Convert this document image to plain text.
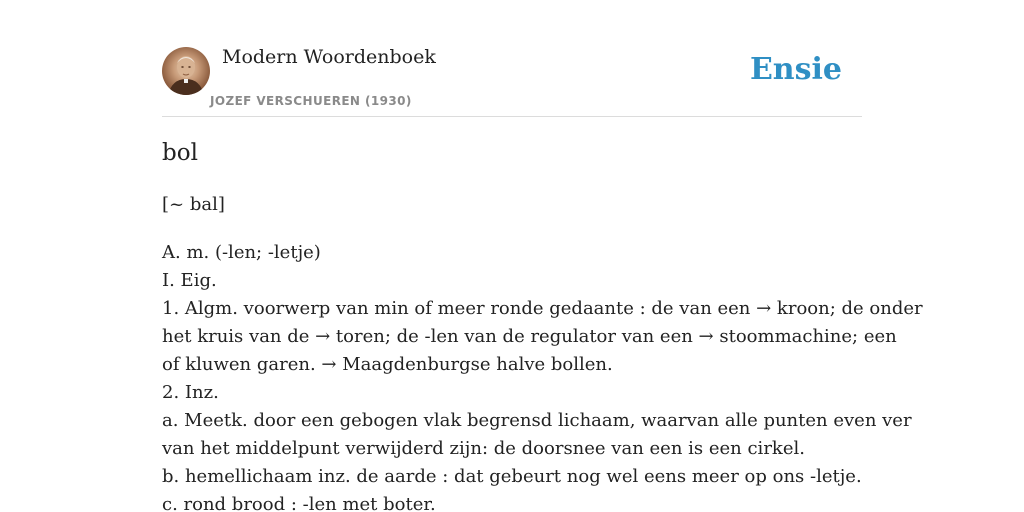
Modern Woordenboek
JOZEF VERSCHUEREN (1930)
Ensie
bol
[~ bal]
A. m. (-len; -letje)
I. Eig.
1. Algm. voorwerp van min of meer ronde gedaante : de van een → kroon; de onder
het kruis van de → toren; de -len van de regulator van een → stoommachine; een
of kluwen garen. → Maagdenburgse halve bollen.
2. Inz.
a. Meetk. door een gebogen vlak begrensd lichaam, waarvan alle punten even ver
van het middelpunt verwijderd zijn: de doorsnee van een is een cirkel.
b. hemellichaam inz. de aarde : dat gebeurt nog wel eens meer op ons -letje.
c. rond brood : -len met boter.
